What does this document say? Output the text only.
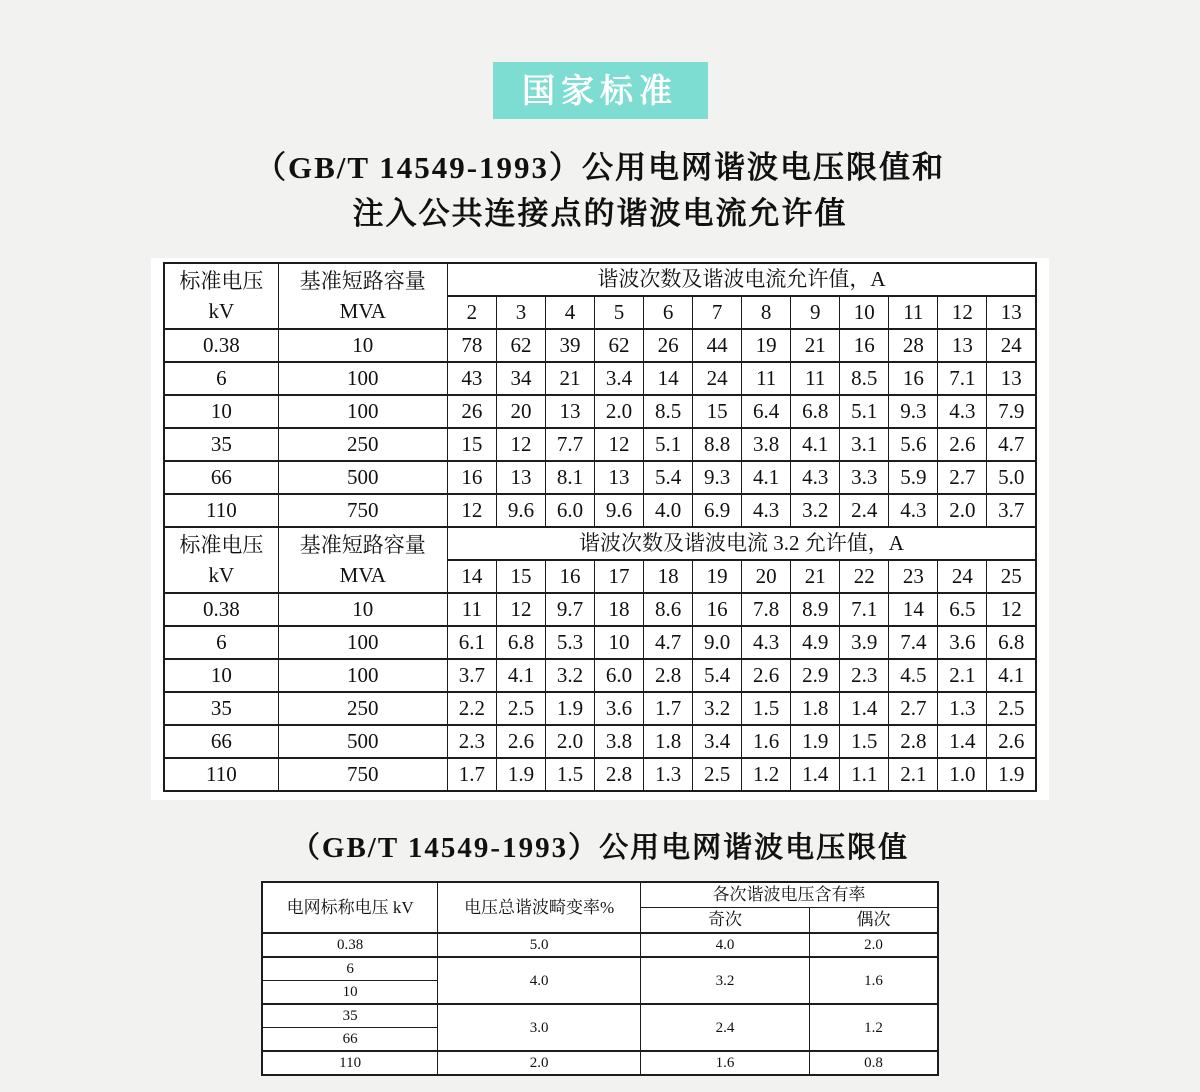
国家标准
（GB/T 14549-1993）公用电网谐波电压限值和
注入公共连接点的谐波电流允许值
标准电压
kV	基准短路容量
MVA	谐波次数及谐波电流允许值，A											
		2	3	4	5	6	7	8	9	10	11	12	13
0.38	10	78	62	39	62	26	44	19	21	16	28	13	24
6	100	43	34	21	3.4	14	24	11	11	8.5	16	7.1	13
10	100	26	20	13	2.0	8.5	15	6.4	6.8	5.1	9.3	4.3	7.9
35	250	15	12	7.7	12	5.1	8.8	3.8	4.1	3.1	5.6	2.6	4.7
66	500	16	13	8.1	13	5.4	9.3	4.1	4.3	3.3	5.9	2.7	5.0
110	750	12	9.6	6.0	9.6	4.0	6.9	4.3	3.2	2.4	4.3	2.0	3.7
标准电压
kV	基准短路容量
MVA	谐波次数及谐波电流 3.2 允许值，A											
		14	15	16	17	18	19	20	21	22	23	24	25
0.38	10	11	12	9.7	18	8.6	16	7.8	8.9	7.1	14	6.5	12
6	100	6.1	6.8	5.3	10	4.7	9.0	4.3	4.9	3.9	7.4	3.6	6.8
10	100	3.7	4.1	3.2	6.0	2.8	5.4	2.6	2.9	2.3	4.5	2.1	4.1
35	250	2.2	2.5	1.9	3.6	1.7	3.2	1.5	1.8	1.4	2.7	1.3	2.5
66	500	2.3	2.6	2.0	3.8	1.8	3.4	1.6	1.9	1.5	2.8	1.4	2.6
110	750	1.7	1.9	1.5	2.8	1.3	2.5	1.2	1.4	1.1	2.1	1.0	1.9
（GB/T 14549-1993）公用电网谐波电压限值
电网标称电压 kV	电压总谐波畸变率%	各次谐波电压含有率	
		奇次	偶次
0.38	5.0	4.0	2.0
6	4.0	3.2	1.6
10			
35	3.0	2.4	1.2
66			
110	2.0	1.6	0.8
